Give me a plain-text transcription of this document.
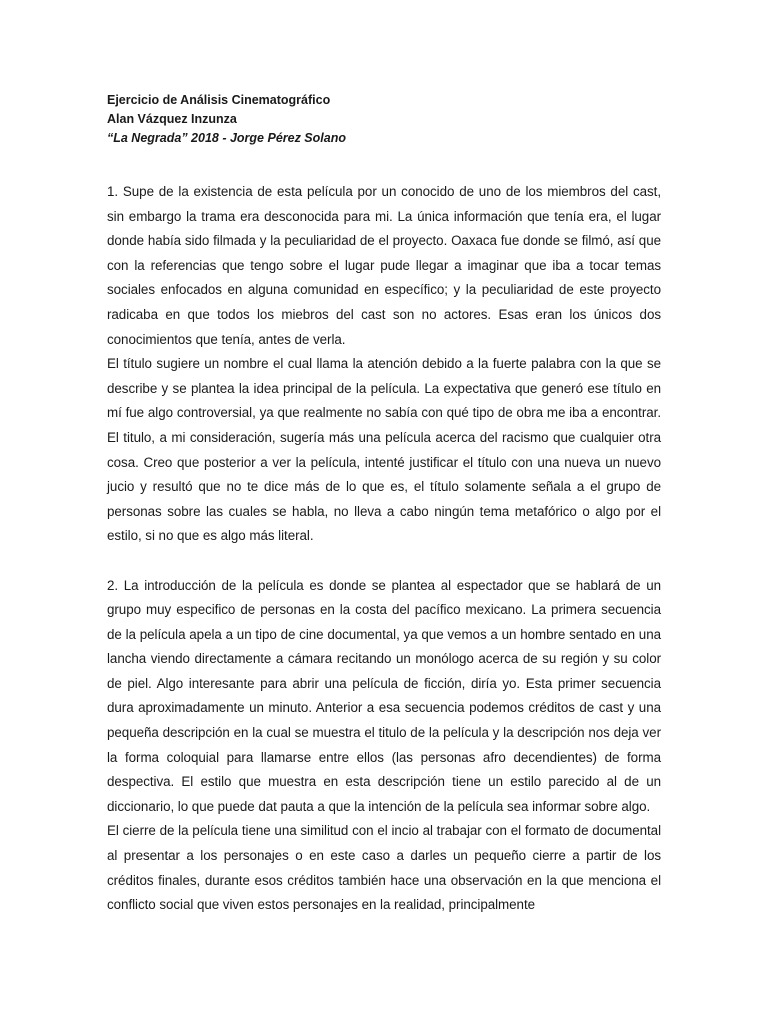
Ejercicio de Análisis Cinematográfico

Alan Vázquez Inzunza

“La Negrada” 2018 - Jorge Pérez Solano

1. Supe de la existencia de esta película por un conocido de uno de los miembros del cast, sin embargo la trama era desconocida para mi. La única información que tenía era, el lugar donde había sido filmada y la peculiaridad de el proyecto. Oaxaca fue donde se filmó, así que con la referencias que tengo sobre el lugar pude llegar a imaginar que iba a tocar temas sociales enfocados en alguna comunidad en específico; y la peculiaridad de este proyecto radicaba en que todos los miebros del cast son no actores. Esas eran los únicos dos conocimientos que tenía, antes de verla.

El título sugiere un nombre el cual llama la atención debido a la fuerte palabra con la que se describe y se plantea la idea principal de la película. La expectativa que generó ese título en mí fue algo controversial, ya que realmente no sabía con qué tipo de obra me iba a encontrar. El titulo, a mi consideración, sugería más una película acerca del racismo que cualquier otra cosa. Creo que posterior a ver la película, intenté justificar el título con una nueva un nuevo jucio y resultó que no te dice más de lo que es, el título solamente señala a el grupo de personas sobre las cuales se habla, no lleva a cabo ningún tema metafórico o algo por el estilo, si no que es algo más literal.

2. La introducción de la película es donde se plantea al espectador que se hablará de un grupo muy especifico de personas en la costa del pacífico mexicano. La primera secuencia de la película apela a un tipo de cine documental, ya que vemos a un hombre sentado en una lancha viendo directamente a cámara recitando un monólogo acerca de su región y su color de piel. Algo interesante para abrir una película de ficción, diría yo. Esta primer secuencia dura aproximadamente un minuto. Anterior a esa secuencia podemos créditos de cast y una pequeña descripción en la cual se muestra el titulo de la película y la descripción nos deja ver la forma coloquial para llamarse entre ellos (las personas afro decendientes) de forma despectiva. El estilo que muestra en esta descripción tiene un estilo parecido al de un diccionario, lo que puede dat pauta a que la intención de la película sea informar sobre algo.

El cierre de la película tiene una similitud con el incio al trabajar con el formato de documental al presentar a los personajes o en este caso a darles un pequeño cierre a partir de los créditos finales, durante esos créditos también hace una observación en la que menciona el conflicto social que viven estos personajes en la realidad, principalmente
